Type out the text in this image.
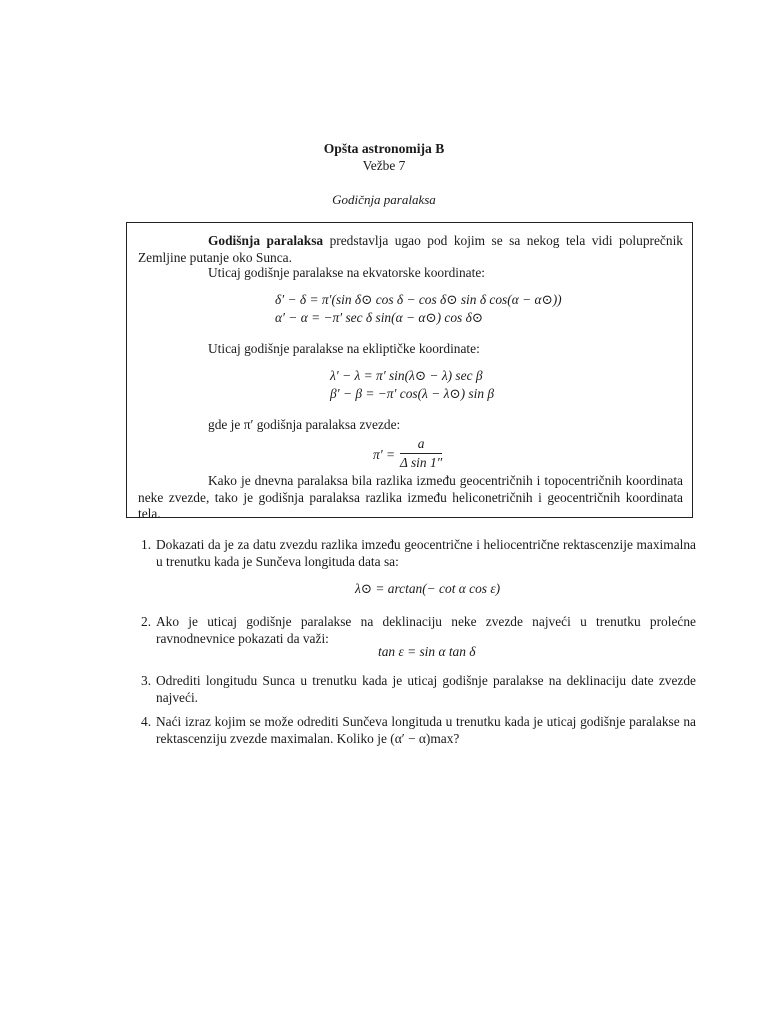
Opšta astronomija B
Vežbe 7
Godičnja paralaksa
Godišnja paralaksa predstavlja ugao pod kojim se sa nekog tela vidi poluprečnik Zemljine putanje oko Sunca.
Uticaj godišnje paralakse na ekvatorske koordinate:
δ′ − δ = π′(sin δ⊙ cos δ − cos δ⊙ sin δ cos(α − α⊙))
α′ − α = −π′ sec δ sin(α − α⊙) cos δ⊙
Uticaj godišnje paralakse na ekliptičke koordinate:
λ′ − λ = π′ sin(λ⊙ − λ) sec β
β′ − β = −π′ cos(λ − λ⊙) sin β
gde je π′ godišnja paralaksa zvezde:
$\pi' = \frac{a}{\text{Δ sin 1″}}$
Kako je dnevna paralaksa bila razlika između geocentričnih i topocentričnih koordinata neke zvezde, tako je godišnja paralaksa razlika između heliconetričnih i geocentričnih koordinata tela.
1. Dokazati da je za datu zvezdu razlika imzeđu geocentrične i heliocentrične rektascenzije maximalna u trenutku kada je Sunčeva longituda data sa:
λ⊙ = arctan(− cot α cos ε)
2. Ako je uticaj godišnje paralakse na deklinaciju neke zvezde najveći u trenutku prolećne ravnodnevnice pokazati da važi:
tan ε = sin α tan δ
3. Odrediti longitudu Sunca u trenutku kada je uticaj godišnje paralakse na deklinaciju date zvezde najveći.
4. Naći izraz kojim se može odrediti Sunčeva longituda u trenutku kada je uticaj godišnje paralakse na rektascenziju zvezde maximalan. Koliko je (α′ − α)max?
